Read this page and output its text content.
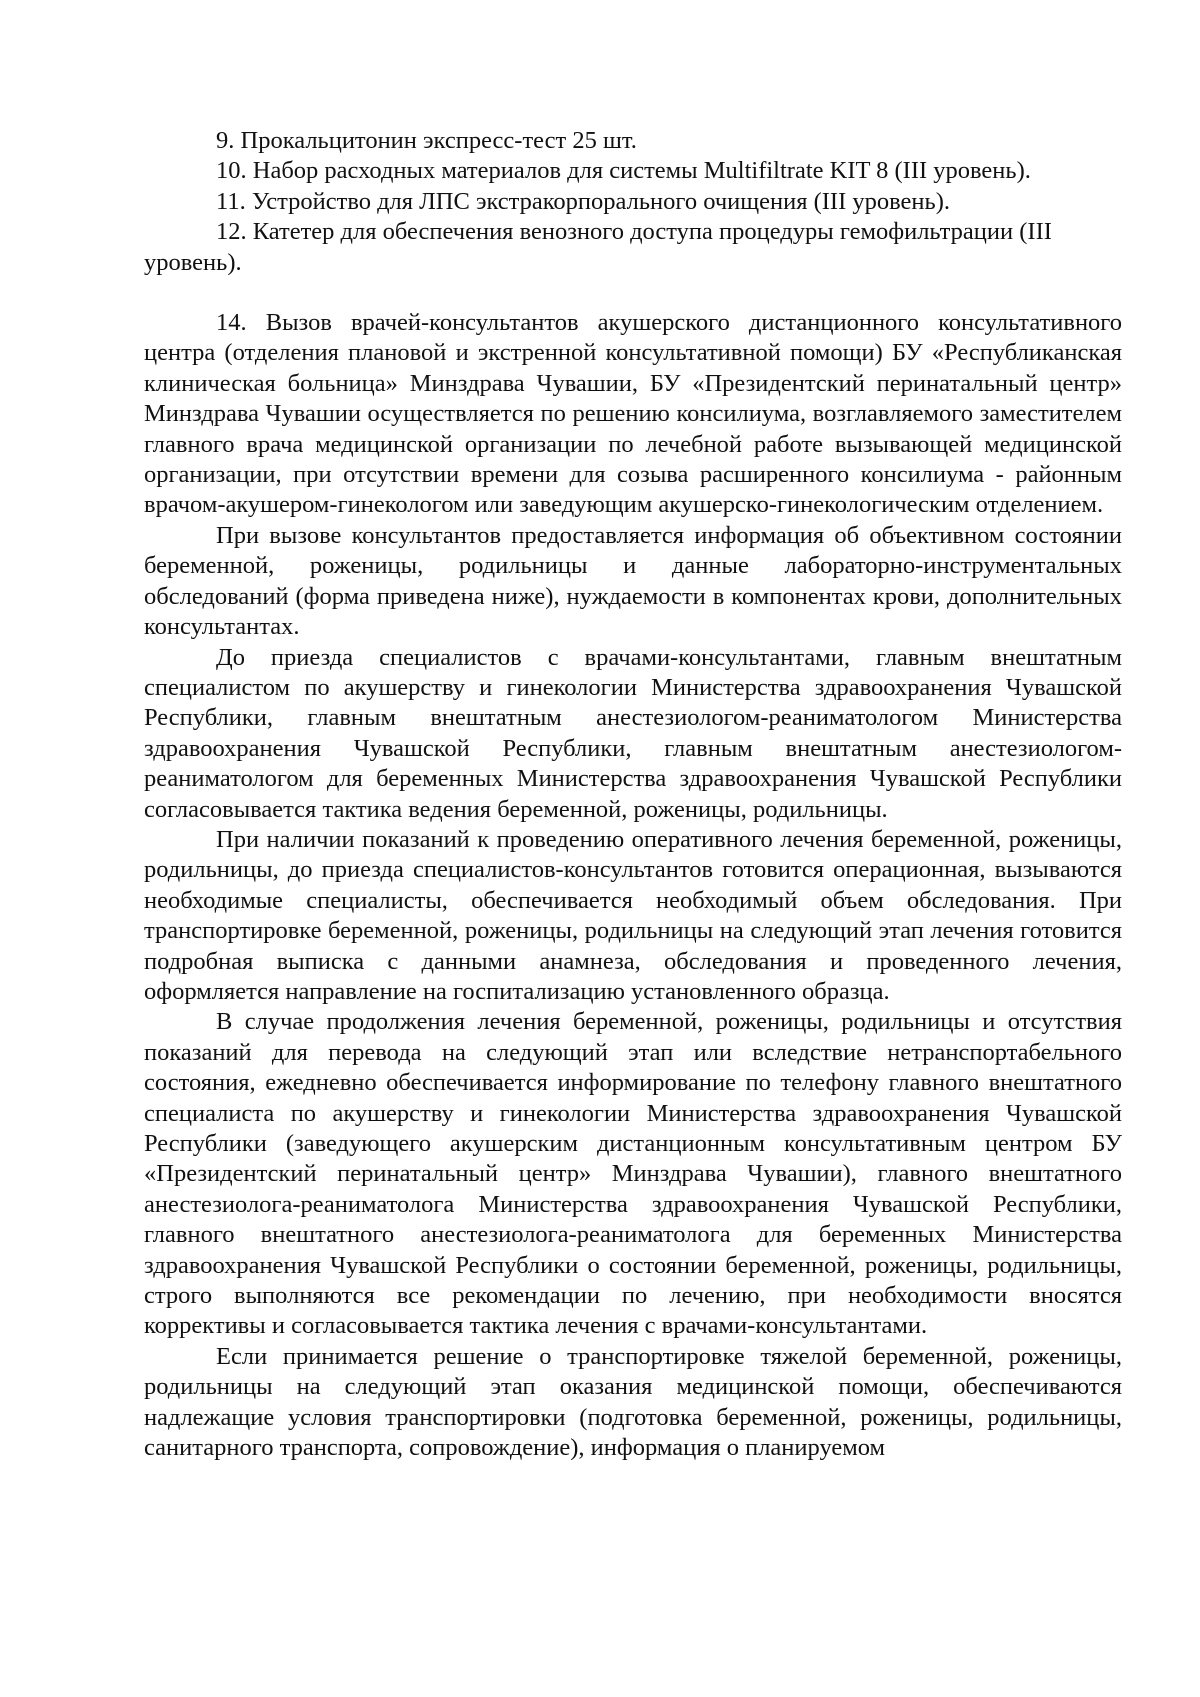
9. Прокальцитонин экспресс-тест 25 шт.

10. Набор расходных материалов для системы Multifiltrate KIT 8 (III уровень).

11. Устройство для ЛПС экстракорпорального очищения (III уровень).

12. Катетер для обеспечения венозного доступа процедуры гемофильтрации (III уровень).

14. Вызов врачей-консультантов акушерского дистанционного консультативного центра (отделения плановой и экстренной консультативной помощи) БУ «Республиканская клиническая больница» Минздрава Чувашии, БУ «Президентский перинатальный центр» Минздрава Чувашии осуществляется по решению консилиума, возглавляемого заместителем главного врача медицинской организации по лечебной работе вызывающей медицинской организации, при отсутствии времени для созыва расширенного консилиума - районным врачом-акушером-гинекологом или заведующим акушерско-гинекологическим отделением.

При вызове консультантов предоставляется информация об объективном состоянии беременной, роженицы, родильницы и данные лабораторно-инструментальных обследований (форма приведена ниже), нуждаемости в компонентах крови, дополнительных консультантах.

До приезда специалистов с врачами-консультантами, главным внештатным специалистом по акушерству и гинекологии Министерства здравоохранения Чувашской Республики, главным внештатным анестезиологом-реаниматологом Министерства здравоохранения Чувашской Республики, главным внештатным анестезиологом-реаниматологом для беременных Министерства здравоохранения Чувашской Республики согласовывается тактика ведения беременной, роженицы, родильницы.

При наличии показаний к проведению оперативного лечения беременной, роженицы, родильницы, до приезда специалистов-консультантов готовится операционная, вызываются необходимые специалисты, обеспечивается необходимый объем обследования. При транспортировке беременной, роженицы, родильницы на следующий этап лечения готовится подробная выписка с данными анамнеза, обследования и проведенного лечения, оформляется направление на госпитализацию установленного образца.

В случае продолжения лечения беременной, роженицы, родильницы и отсутствия показаний для перевода на следующий этап или вследствие нетранспортабельного состояния, ежедневно обеспечивается информирование по телефону главного внештатного специалиста по акушерству и гинекологии Министерства здравоохранения Чувашской Республики (заведующего акушерским дистанционным консультативным центром БУ «Президентский перинатальный центр» Минздрава Чувашии), главного внештатного анестезиолога-реаниматолога Министерства здравоохранения Чувашской Республики, главного внештатного анестезиолога-реаниматолога для беременных Министерства здравоохранения Чувашской Республики о состоянии беременной, роженицы, родильницы, строго выполняются все рекомендации по лечению, при необходимости вносятся коррективы и согласовывается тактика лечения с врачами-консультантами.

Если принимается решение о транспортировке тяжелой беременной, роженицы, родильницы на следующий этап оказания медицинской помощи, обеспечиваются надлежащие условия транспортировки (подготовка беременной, роженицы, родильницы, санитарного транспорта, сопровождение), информация о планируемом
